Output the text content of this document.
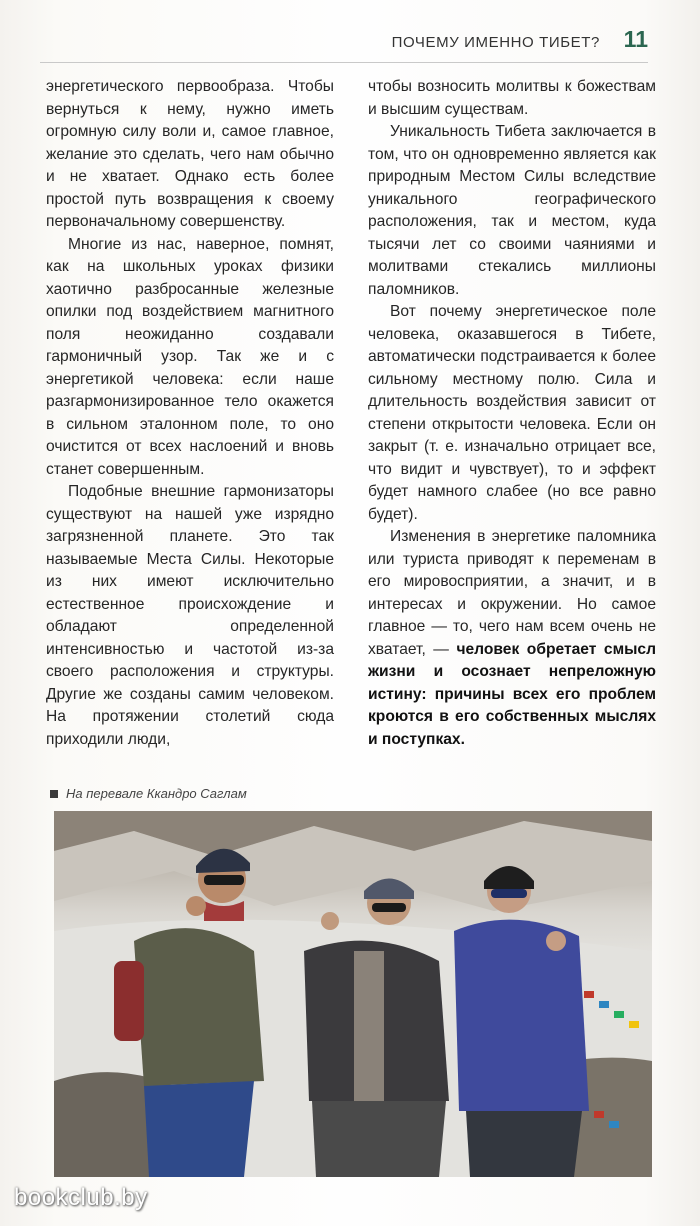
ПОЧЕМУ ИМЕННО ТИБЕТ? 11

энергетического первообраза. Чтобы вернуться к нему, нужно иметь огромную силу воли и, самое главное, желание это сделать, чего нам обычно и не хватает. Однако есть более простой путь возвращения к своему первоначальному совершенству.

Многие из нас, наверное, помнят, как на школьных уроках физики хаотично разбросанные железные опилки под воздействием магнитного поля неожиданно создавали гармоничный узор. Так же и с энергетикой человека: если наше разгармонизированное тело окажется в сильном эталонном поле, то оно очистится от всех наслоений и вновь станет совершенным.

Подобные внешние гармонизаторы существуют на нашей уже изрядно загрязненной планете. Это так называемые Места Силы. Некоторые из них имеют исключительно естественное происхождение и обладают определенной интенсивностью и частотой из-за своего расположения и структуры. Другие же созданы самим человеком. На протяжении столетий сюда приходили люди,

чтобы возносить молитвы к божествам и высшим существам.

Уникальность Тибета заключается в том, что он одновременно является как природным Местом Силы вследствие уникального географического расположения, так и местом, куда тысячи лет со своими чаяниями и молитвами стекались миллионы паломников.

Вот почему энергетическое поле человека, оказавшегося в Тибете, автоматически подстраивается к более сильному местному полю. Сила и длительность воздействия зависит от степени открытости человека. Если он закрыт (т. е. изначально отрицает все, что видит и чувствует), то и эффект будет намного слабее (но все равно будет).

Изменения в энергетике паломника или туриста приводят к переменам в его мировосприятии, а значит, и в интересах и окружении. Но самое главное — то, чего нам всем очень не хватает, — человек обретает смысл жизни и осознает непреложную истину: причины всех его проблем кроются в его собственных мыслях и поступках.

На перевале Ккандро Саглам
bookclub.by
